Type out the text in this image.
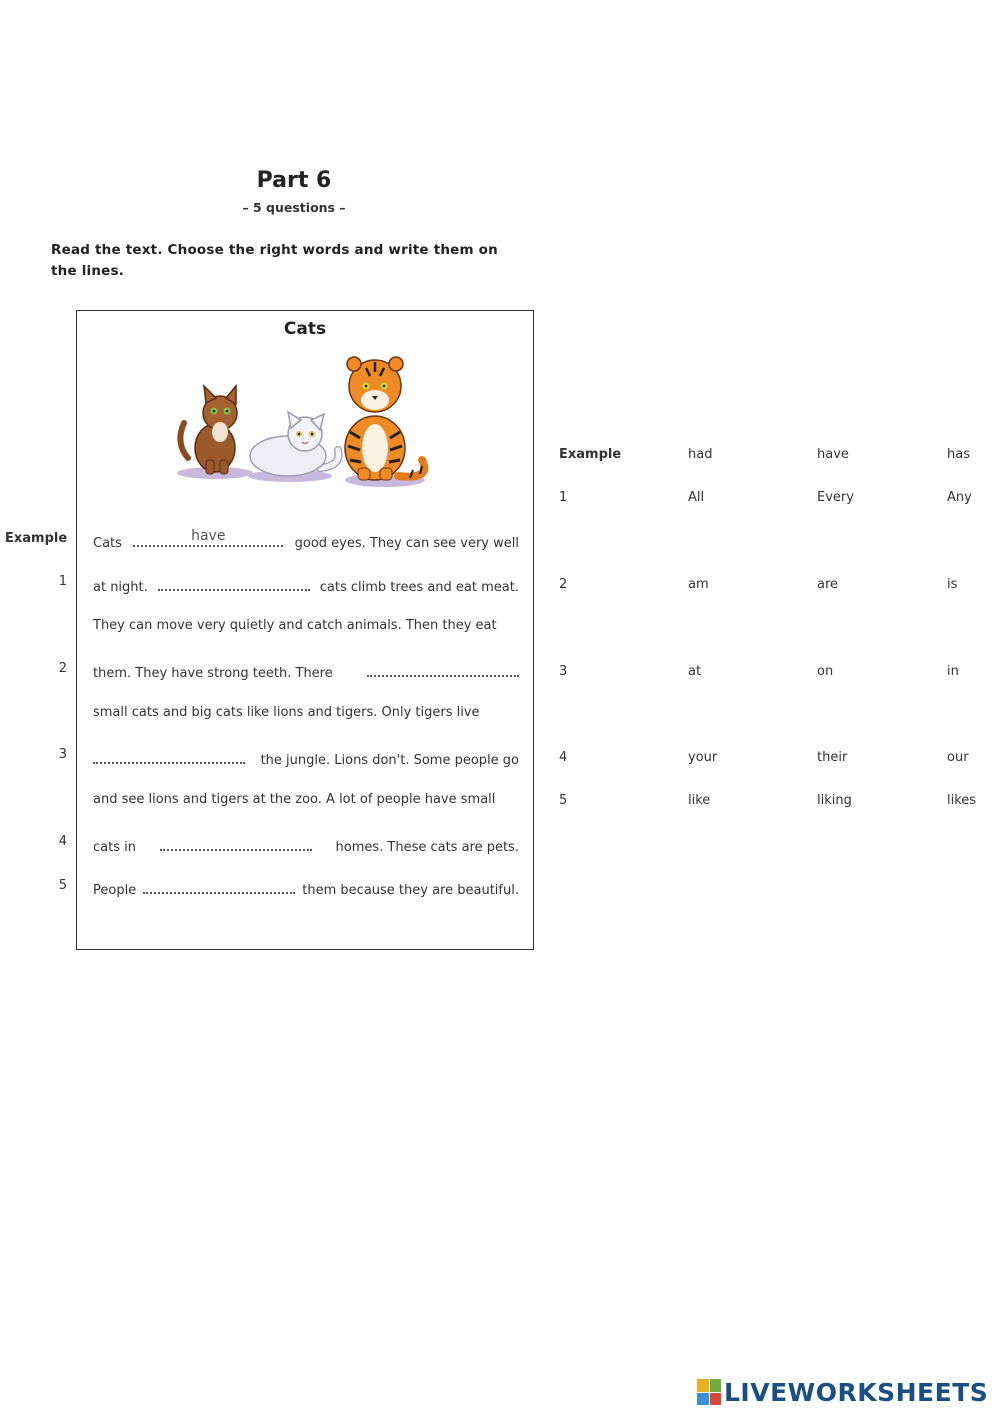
Part 6
– 5 questions –
Read the text. Choose the right words and write them on the lines.
Cats
Example
1
2
3
4
5
Cats	have	good eyes. They can see very well
at night.	cats climb trees and eat meat.
They can move very quietly and catch animals. Then they eat
them. They have strong teeth. There
small cats and big cats like lions and tigers. Only tigers live
the jungle. Lions don't. Some people go
and see lions and tigers at the zoo. A lot of people have small
cats in	homes. These cats are pets.
People	them because they are beautiful.
Example	had	have	has
1	All	Every	Any
2	am	are	is
3	at	on	in
4	your	their	our
5	like	liking	likes
LIVEWORKSHEETS
